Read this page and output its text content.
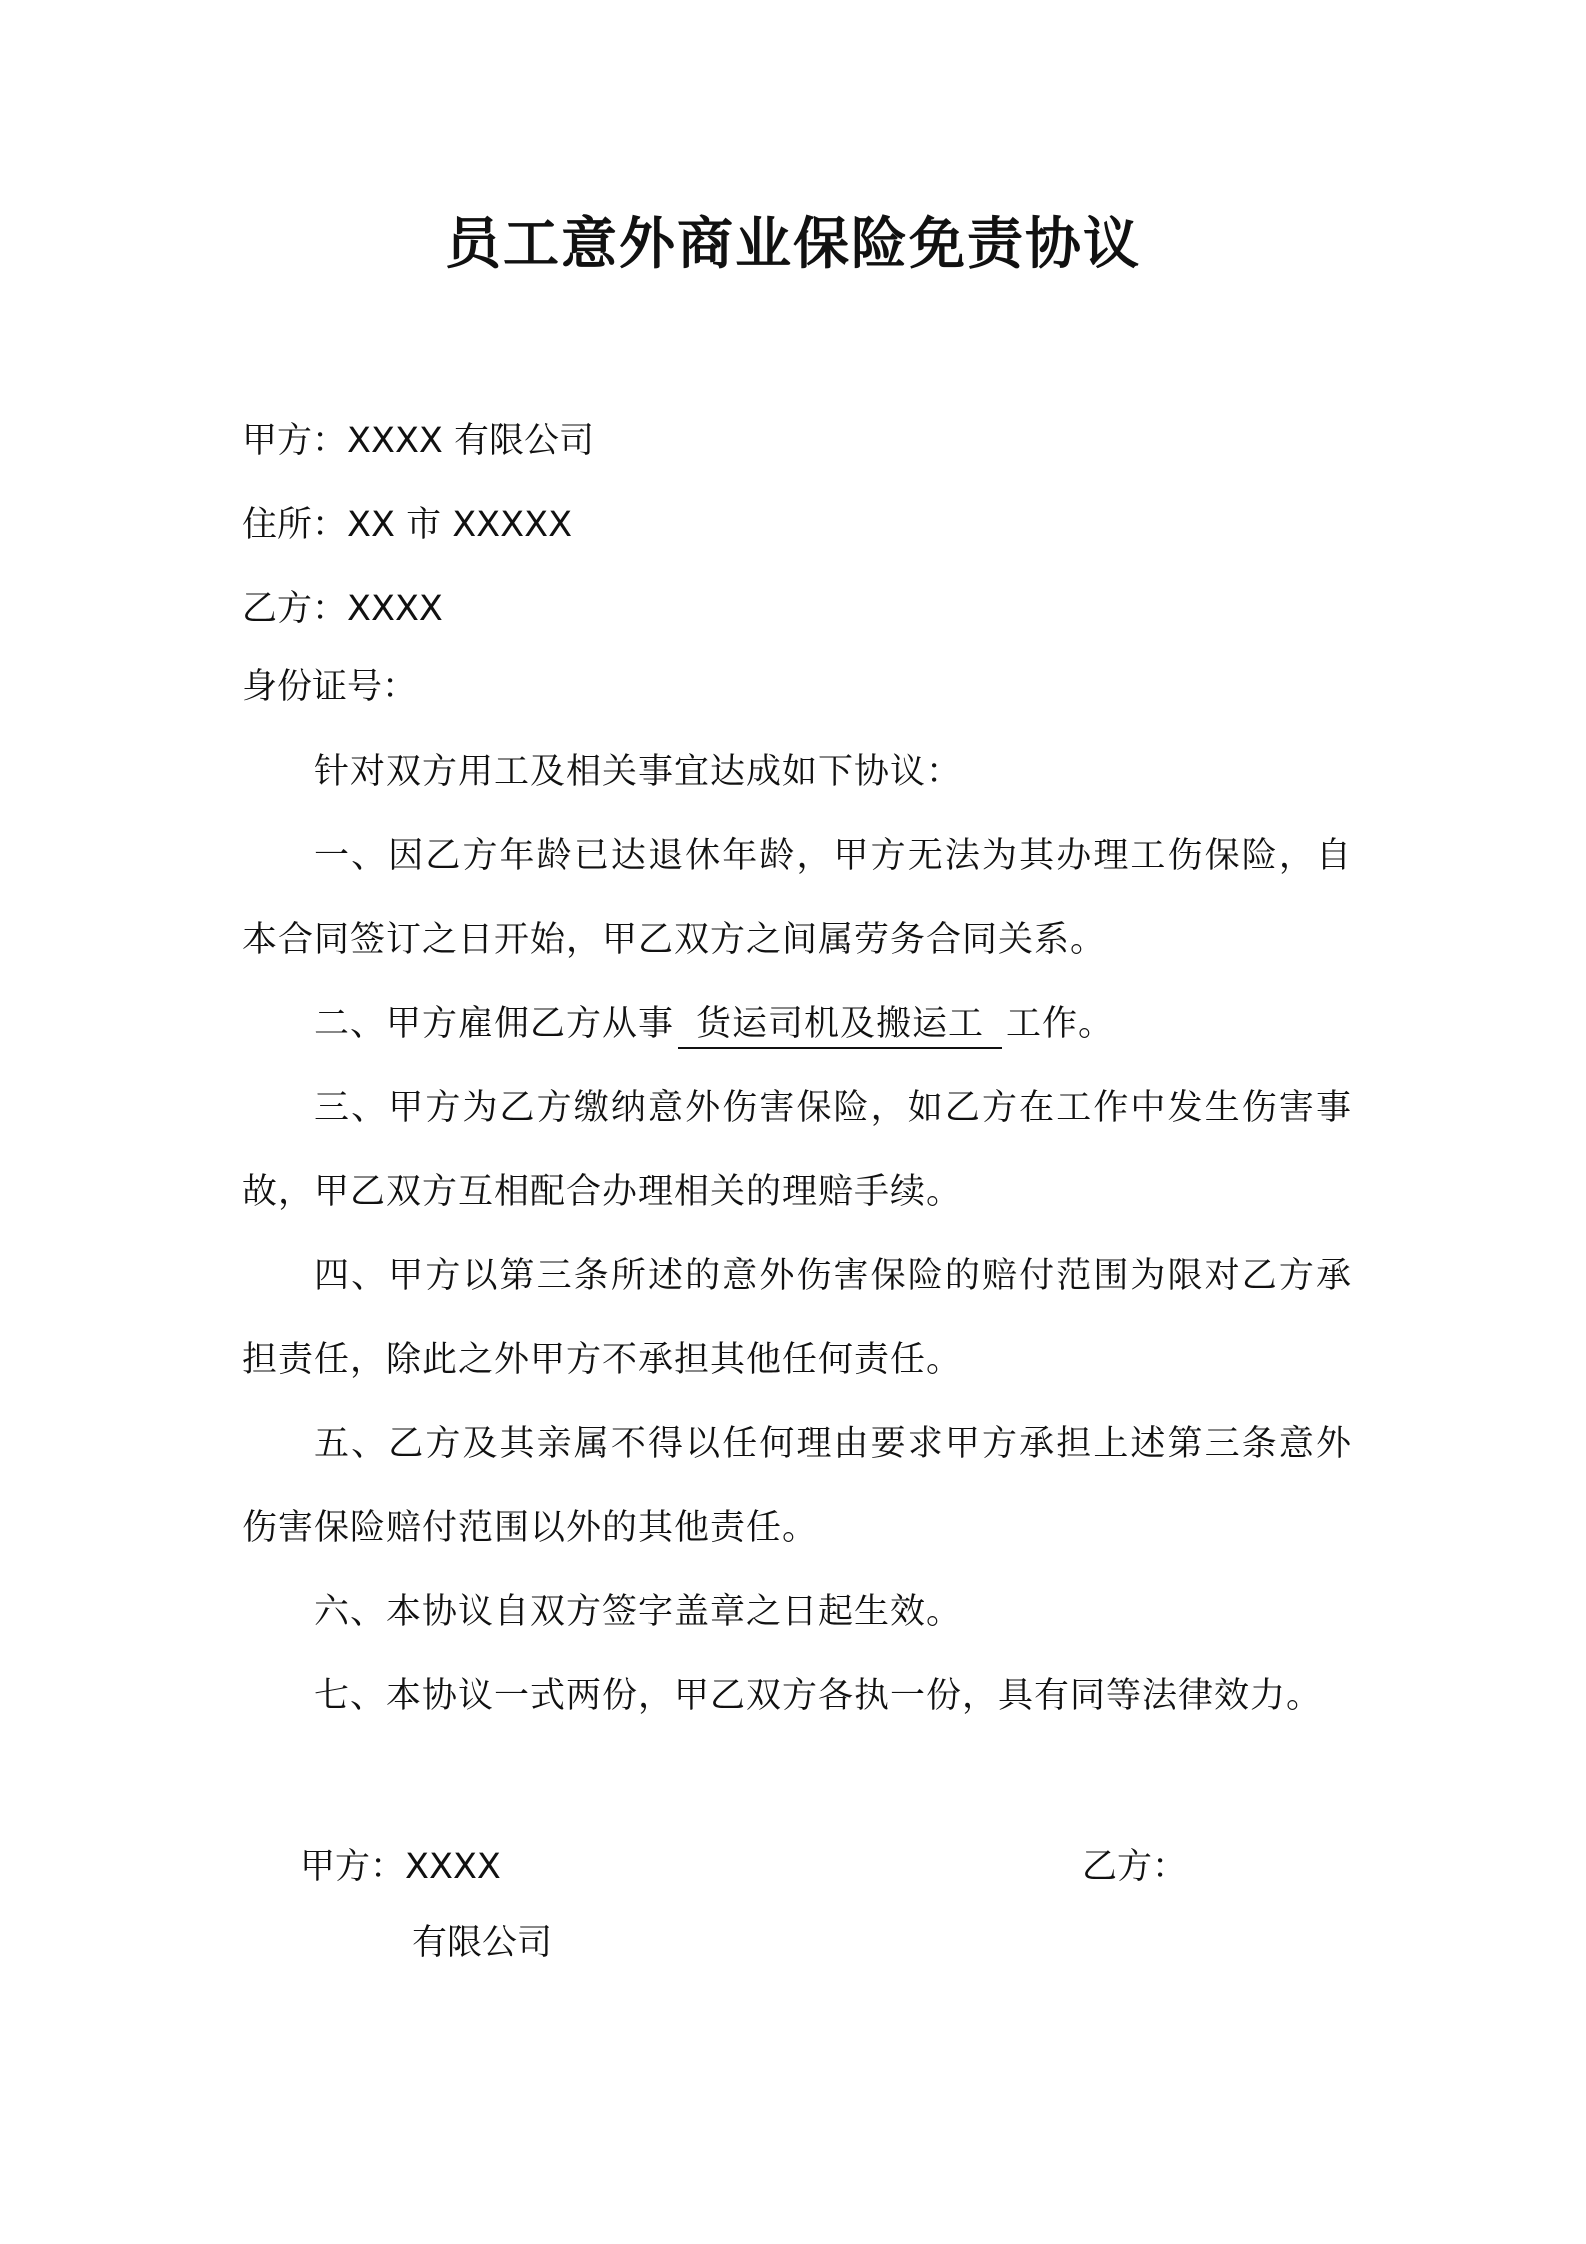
员工意外商业保险免责协议
甲方：XXXX 有限公司
住所：XX 市 XXXXX
乙方：XXXX
身份证号：
针对双方用工及相关事宜达成如下协议：
一、因乙方年龄已达退休年龄，甲方无法为其办理工伤保险，自本合同签订之日开始，甲乙双方之间属劳务合同关系。
二、甲方雇佣乙方从事 货运司机及搬运工 工作。
三、甲方为乙方缴纳意外伤害保险，如乙方在工作中发生伤害事故，甲乙双方互相配合办理相关的理赔手续。
四、甲方以第三条所述的意外伤害保险的赔付范围为限对乙方承担责任，除此之外甲方不承担其他任何责任。
五、乙方及其亲属不得以任何理由要求甲方承担上述第三条意外伤害保险赔付范围以外的其他责任。
六、本协议自双方签字盖章之日起生效。
七、本协议一式两份，甲乙双方各执一份，具有同等法律效力。
甲方：XXXX
有限公司
乙方：
